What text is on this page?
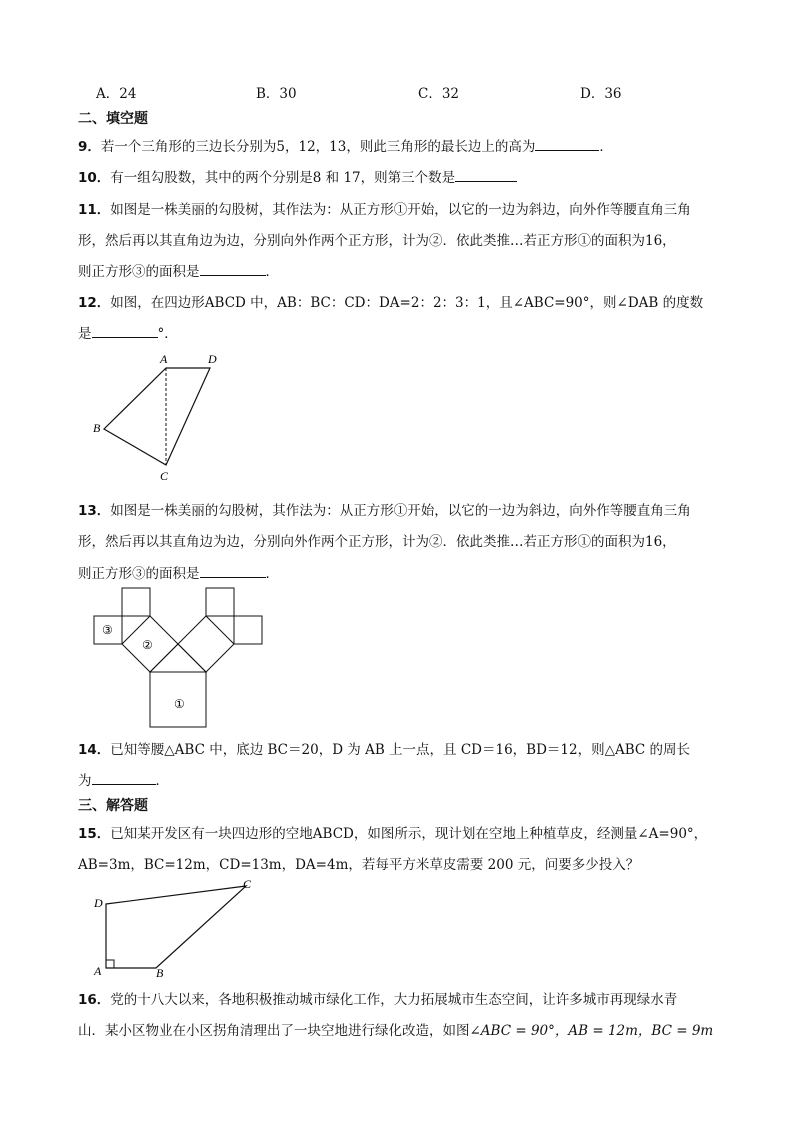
A．24	B．30	C．32	D．36
二、填空题
9．若一个三角形的三边长分别为5，12，13，则此三角形的最长边上的高为	．
10．有一组勾股数，其中的两个分别是8 和 17，则第三个数是
11．如图是一株美丽的勾股树，其作法为：从正方形①开始，以它的一边为斜边，向外作等腰直角三角
形，然后再以其直角边为边，分别向外作两个正方形，计为②．依此类推…若正方形①的面积为16，
则正方形③的面积是	．
12．如图，在四边形ABCD 中，AB：BC：CD：DA=2：2：3：1，且∠ABC=90°，则∠DAB 的度数
是	°．
A	D
B
C
13．如图是一株美丽的勾股树，其作法为：从正方形①开始，以它的一边为斜边，向外作等腰直角三角
形，然后再以其直角边为边，分别向外作两个正方形，计为②．依此类推…若正方形①的面积为16，
则正方形③的面积是	．
①
②
③
14．已知等腰△ABC 中，底边 BC＝20，D 为 AB 上一点，且 CD＝16，BD＝12，则△ABC 的周长
为	．
三、解答题
15．已知某开发区有一块四边形的空地ABCD，如图所示，现计划在空地上种植草皮，经测量∠A=90°，
AB=3m，BC=12m，CD=13m，DA=4m，若每平方米草皮需要 200 元，问要多少投入？
D
C
A	B
16．党的十八大以来，各地积极推动城市绿化工作，大力拓展城市生态空间，让许多城市再现绿水青
山．某小区物业在小区拐角清理出了一块空地进行绿化改造，如图∠ABC = 90°，AB = 12m，BC = 9m
